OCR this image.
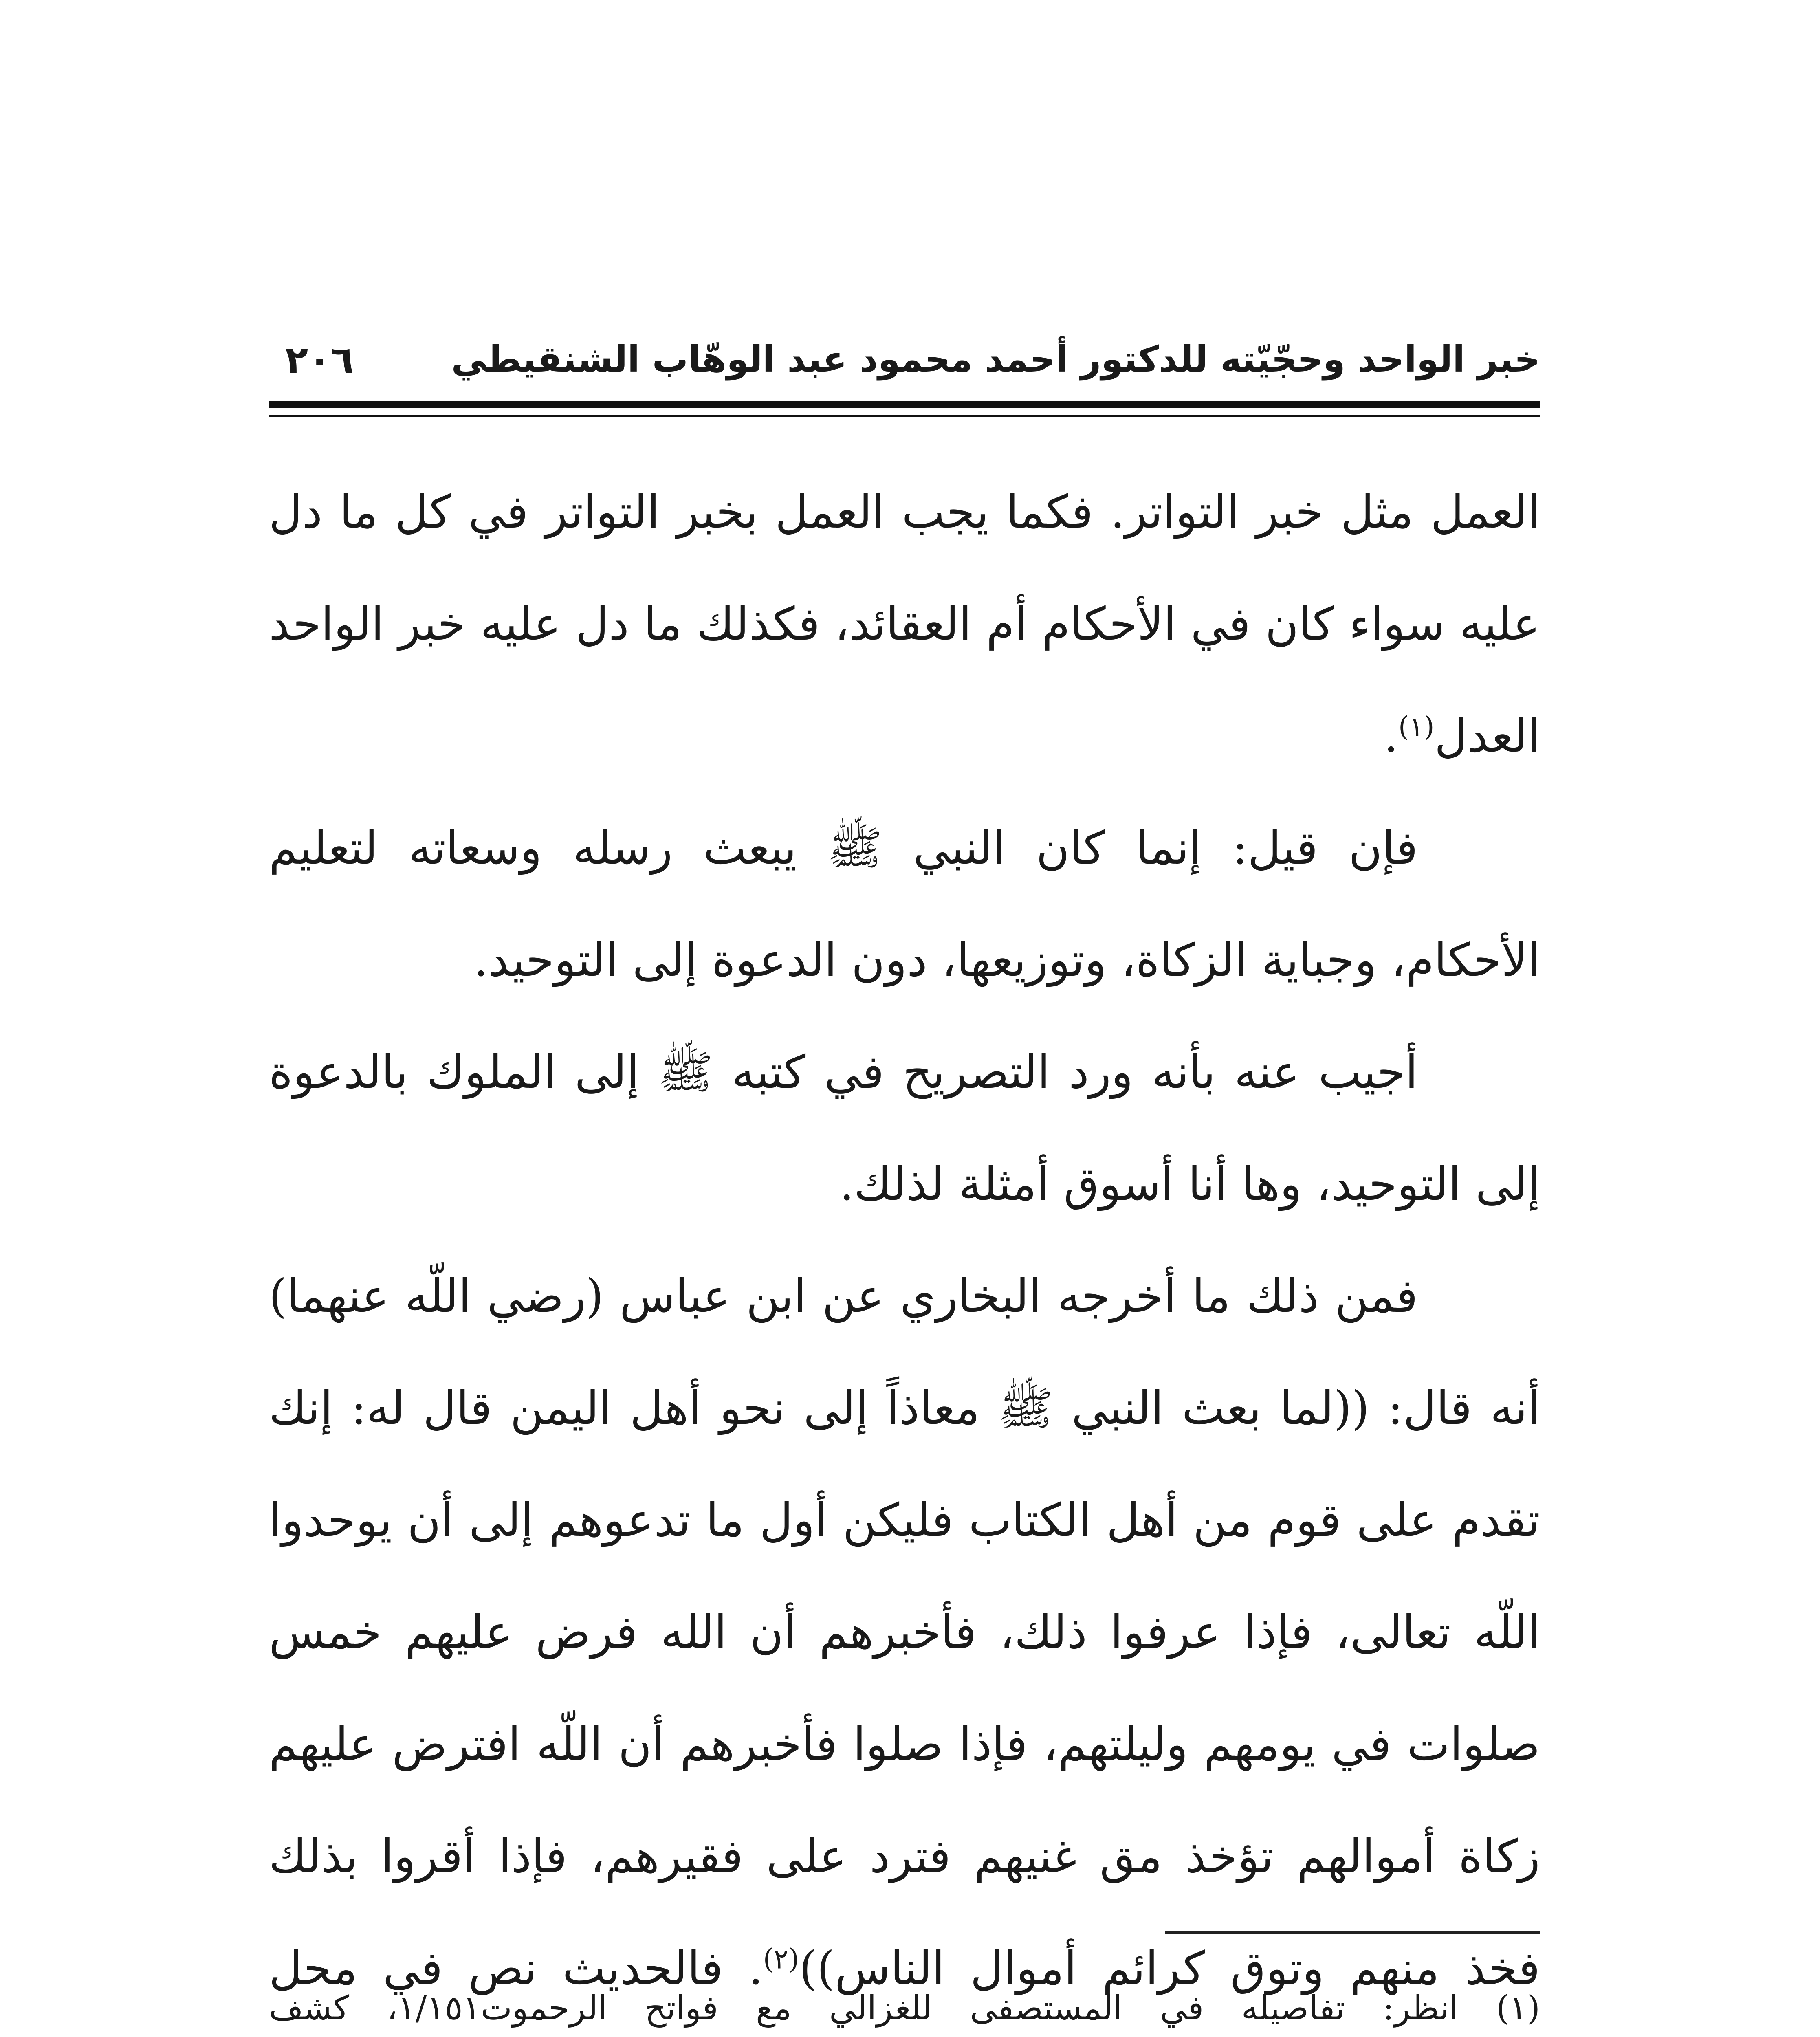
خبر الواحد وحجّيّته للدكتور أحمد محمود عبد الوهّاب الشنقيطي
٢٠٦

العمل مثل خبر التواتر. فكما يجب العمل بخبر التواتر في كل ما دل عليه سواء كان في الأحكام أم العقائد، فكذلك ما دل عليه خبر الواحد العدل$^{(١)}$.

فإن قيل: إنما كان النبي ﷺ يبعث رسله وسعاته لتعليم الأحكام، وجباية الزكاة، وتوزيعها، دون الدعوة إلى التوحيد.

أجيب عنه بأنه ورد التصريح في كتبه ﷺ إلى الملوك بالدعوة إلى التوحيد، وها أنا أسوق أمثلة لذلك.

فمن ذلك ما أخرجه البخاري عن ابن عباس (رضي اللّه عنهما) أنه قال: ((لما بعث النبي ﷺ معاذاً إلى نحو أهل اليمن قال له: إنك تقدم على قوم من أهل الكتاب فليكن أول ما تدعوهم إلى أن يوحدوا اللّه تعالى، فإذا عرفوا ذلك، فأخبرهم أن الله فرض عليهم خمس صلوات في يومهم وليلتهم، فإذا صلوا فأخبرهم أن اللّه افترض عليهم زكاة أموالهم تؤخذ مق غنيهم فترد على فقيرهم، فإذا أقروا بذلك فخذ منهم وتوق كرائم أموال الناس))$^{(٢)}$. فالحديث نص في محل

(١) انظر: تفاصيله في المستصفى للغزالي مع فواتح الرحموت١/١٥١، كشف
